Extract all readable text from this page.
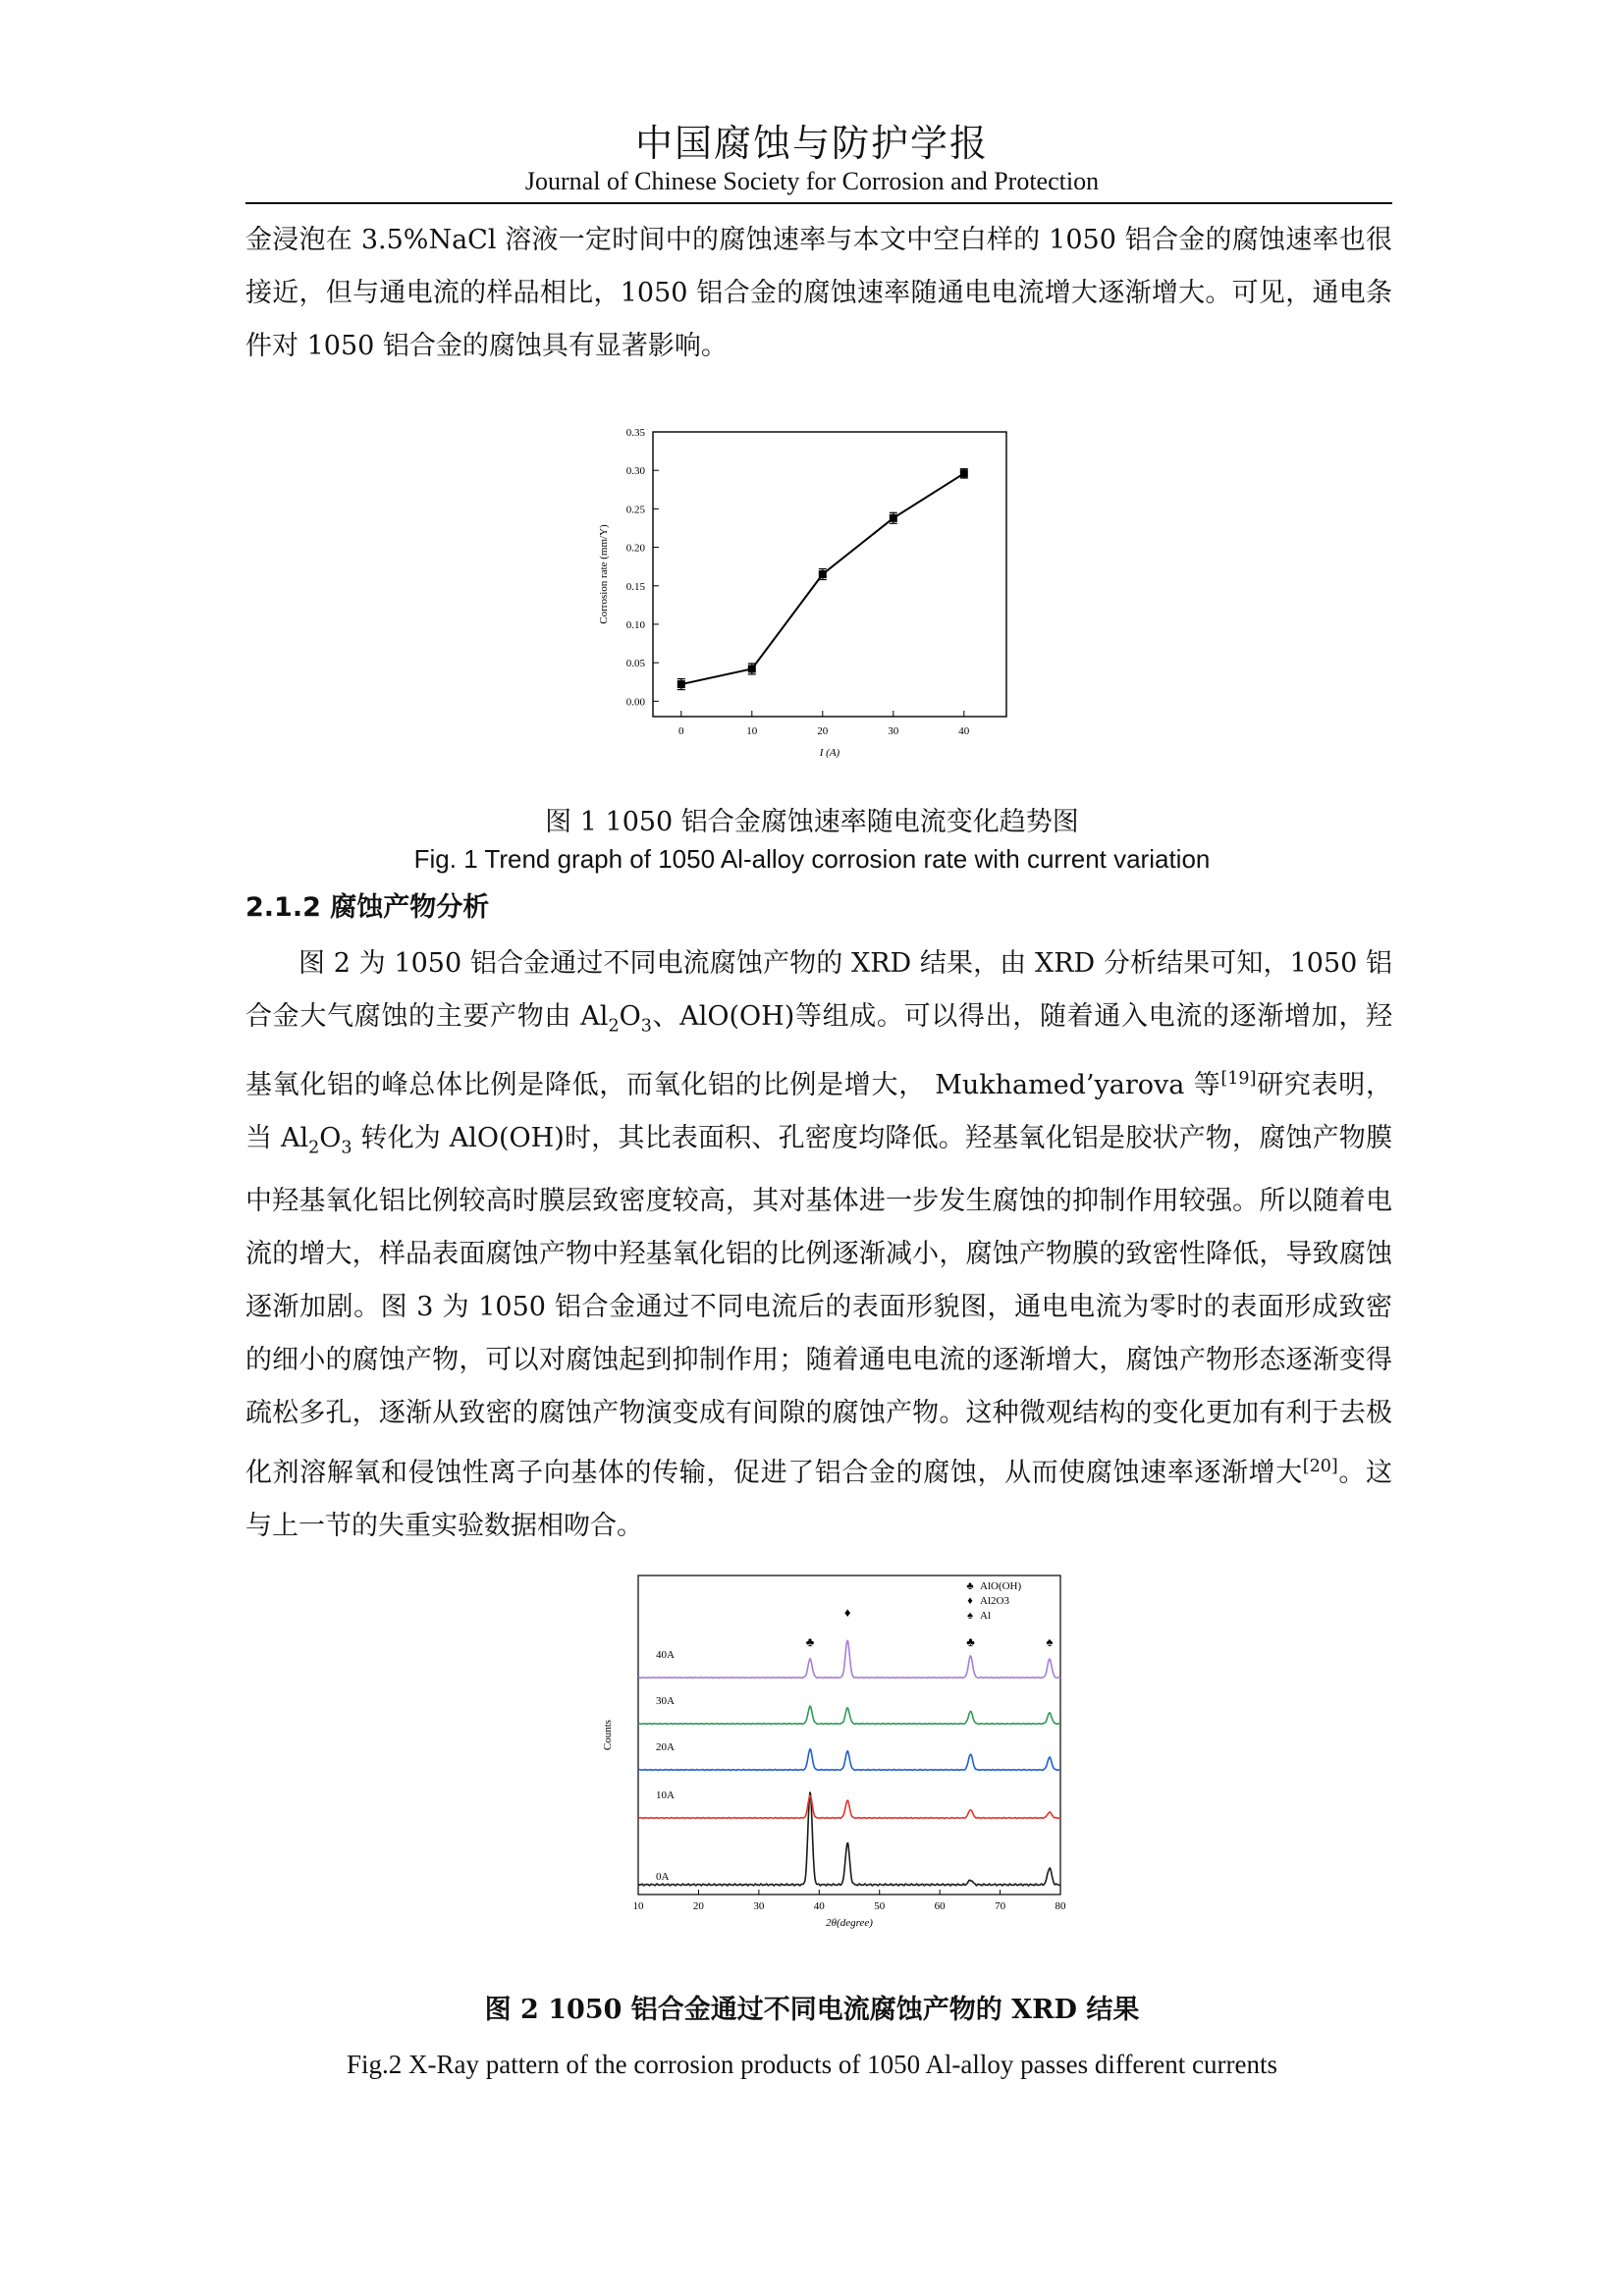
中国腐蚀与防护学报
Journal of Chinese Society for Corrosion and Protection

金浸泡在 3.5%NaCl 溶液一定时间中的腐蚀速率与本文中空白样的 1050 铝合金的腐蚀速率也很接近，但与通电流的样品相比，1050 铝合金的腐蚀速率随通电电流增大逐渐增大。可见，通电条件对 1050 铝合金的腐蚀具有显著影响。

0.00
0.05
0.10
0.15
0.20
0.25
0.30
0.35
0	10	20	30	40
I (A)
Corrosion rate (mm/Y)
图 1 1050 铝合金腐蚀速率随电流变化趋势图
Fig. 1 Trend graph of 1050 Al-alloy corrosion rate with current variation
2.1.2 腐蚀产物分析

图 2 为 1050 铝合金通过不同电流腐蚀产物的 XRD 结果，由 XRD 分析结果可知，1050 铝合金大气腐蚀的主要产物由 $Al_2O_3$、AlO(OH)等组成。可以得出，随着通入电流的逐渐增加，羟基氧化铝的峰总体比例是降低，而氧化铝的比例是增大， Mukhamed’yarova 等[19]研究表明，当 $Al_2O_3$ 转化为 AlO(OH)时，其比表面积、孔密度均降低。羟基氧化铝是胶状产物，腐蚀产物膜中羟基氧化铝比例较高时膜层致密度较高，其对基体进一步发生腐蚀的抑制作用较强。所以随着电流的增大，样品表面腐蚀产物中羟基氧化铝的比例逐渐减小，腐蚀产物膜的致密性降低，导致腐蚀逐渐加剧。图 3 为 1050 铝合金通过不同电流后的表面形貌图，通电电流为零时的表面形成致密的细小的腐蚀产物，可以对腐蚀起到抑制作用；随着通电电流的逐渐增大，腐蚀产物形态逐渐变得疏松多孔，逐渐从致密的腐蚀产物演变成有间隙的腐蚀产物。这种微观结构的变化更加有利于去极化剂溶解氧和侵蚀性离子向基体的传输，促进了铝合金的腐蚀，从而使腐蚀速率逐渐增大[20]。这与上一节的失重实验数据相吻合。

10	20	30	40	50	60	70	80
2θ(degree)
Counts
0A
10A
20A
30A
40A
♣
♦
♣	♠
♣ AlO(OH)
♦ Al2O3
♠ Al
图 2 1050 铝合金通过不同电流腐蚀产物的 XRD 结果
Fig.2 X-Ray pattern of the corrosion products of 1050 Al-alloy passes different currents
